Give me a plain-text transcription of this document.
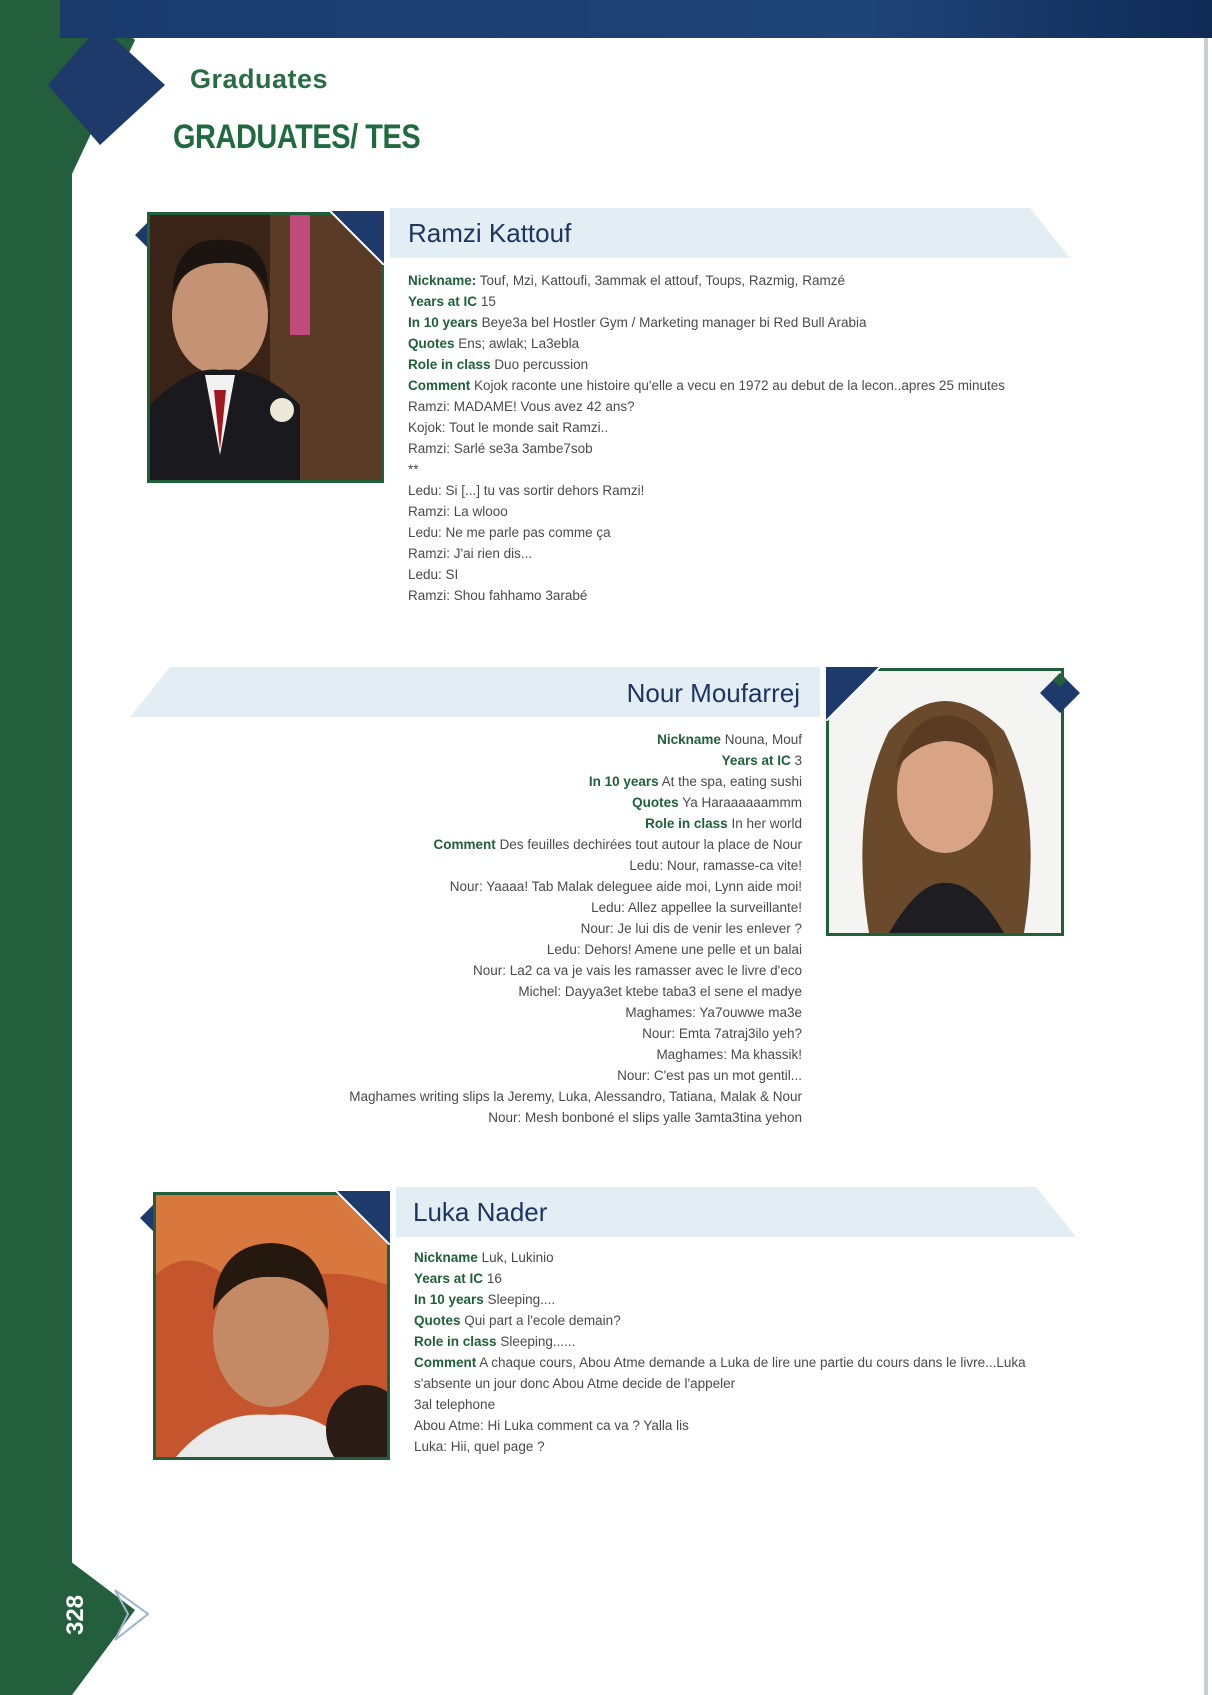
Graduates
GRADUATES/ TES
Ramzi Kattouf
Nickname: Touf, Mzi, Kattoufi, 3ammak el attouf, Toups, Razmig, Ramzé
Years at IC 15
In 10 years Beye3a bel Hostler Gym / Marketing manager bi Red Bull Arabia
Quotes Ens; awlak; La3ebla
Role in class Duo percussion
Comment Kojok raconte une histoire qu'elle a vecu en 1972 au debut de la lecon..apres 25 minutes
Ramzi: MADAME! Vous avez 42 ans?
Kojok: Tout le monde sait Ramzi..
Ramzi: Sarlé se3a 3ambe7sob
**
Ledu: Si [...] tu vas sortir dehors Ramzi!
Ramzi: La wlooo
Ledu: Ne me parle pas comme ça
Ramzi: J'ai rien dis...
Ledu: SI
Ramzi: Shou fahhamo 3arabé
Nour Moufarrej
Nickname Nouna, Mouf
Years at IC 3
In 10 years At the spa, eating sushi
Quotes Ya Haraaaaaammm
Role in class In her world
Comment Des feuilles dechirées tout autour la place de Nour
Ledu: Nour, ramasse-ca vite!
Nour: Yaaaa! Tab Malak deleguee aide moi, Lynn aide moi!
Ledu: Allez appellee la surveillante!
Nour: Je lui dis de venir les enlever ?
Ledu: Dehors! Amene une pelle et un balai
Nour: La2 ca va je vais les ramasser avec le livre d'eco
Michel: Dayya3et ktebe taba3 el sene el madye
Maghames: Ya7ouwwe ma3e
Nour: Emta 7atraj3ilo yeh?
Maghames: Ma khassik!
Nour: C'est pas un mot gentil...
Maghames writing slips la Jeremy, Luka, Alessandro, Tatiana, Malak & Nour
Nour: Mesh bonboné el slips yalle 3amta3tina yehon
Luka Nader
Nickname Luk, Lukinio
Years at IC 16
In 10 years Sleeping....
Quotes Qui part a l'ecole demain?
Role in class Sleeping......
Comment A chaque cours, Abou Atme demande a Luka de lire une partie du cours dans le livre...Luka
s'absente un jour donc Abou Atme decide de l'appeler
3al telephone
Abou Atme: Hi Luka comment ca va ? Yalla lis
Luka: Hii, quel page ?
328
